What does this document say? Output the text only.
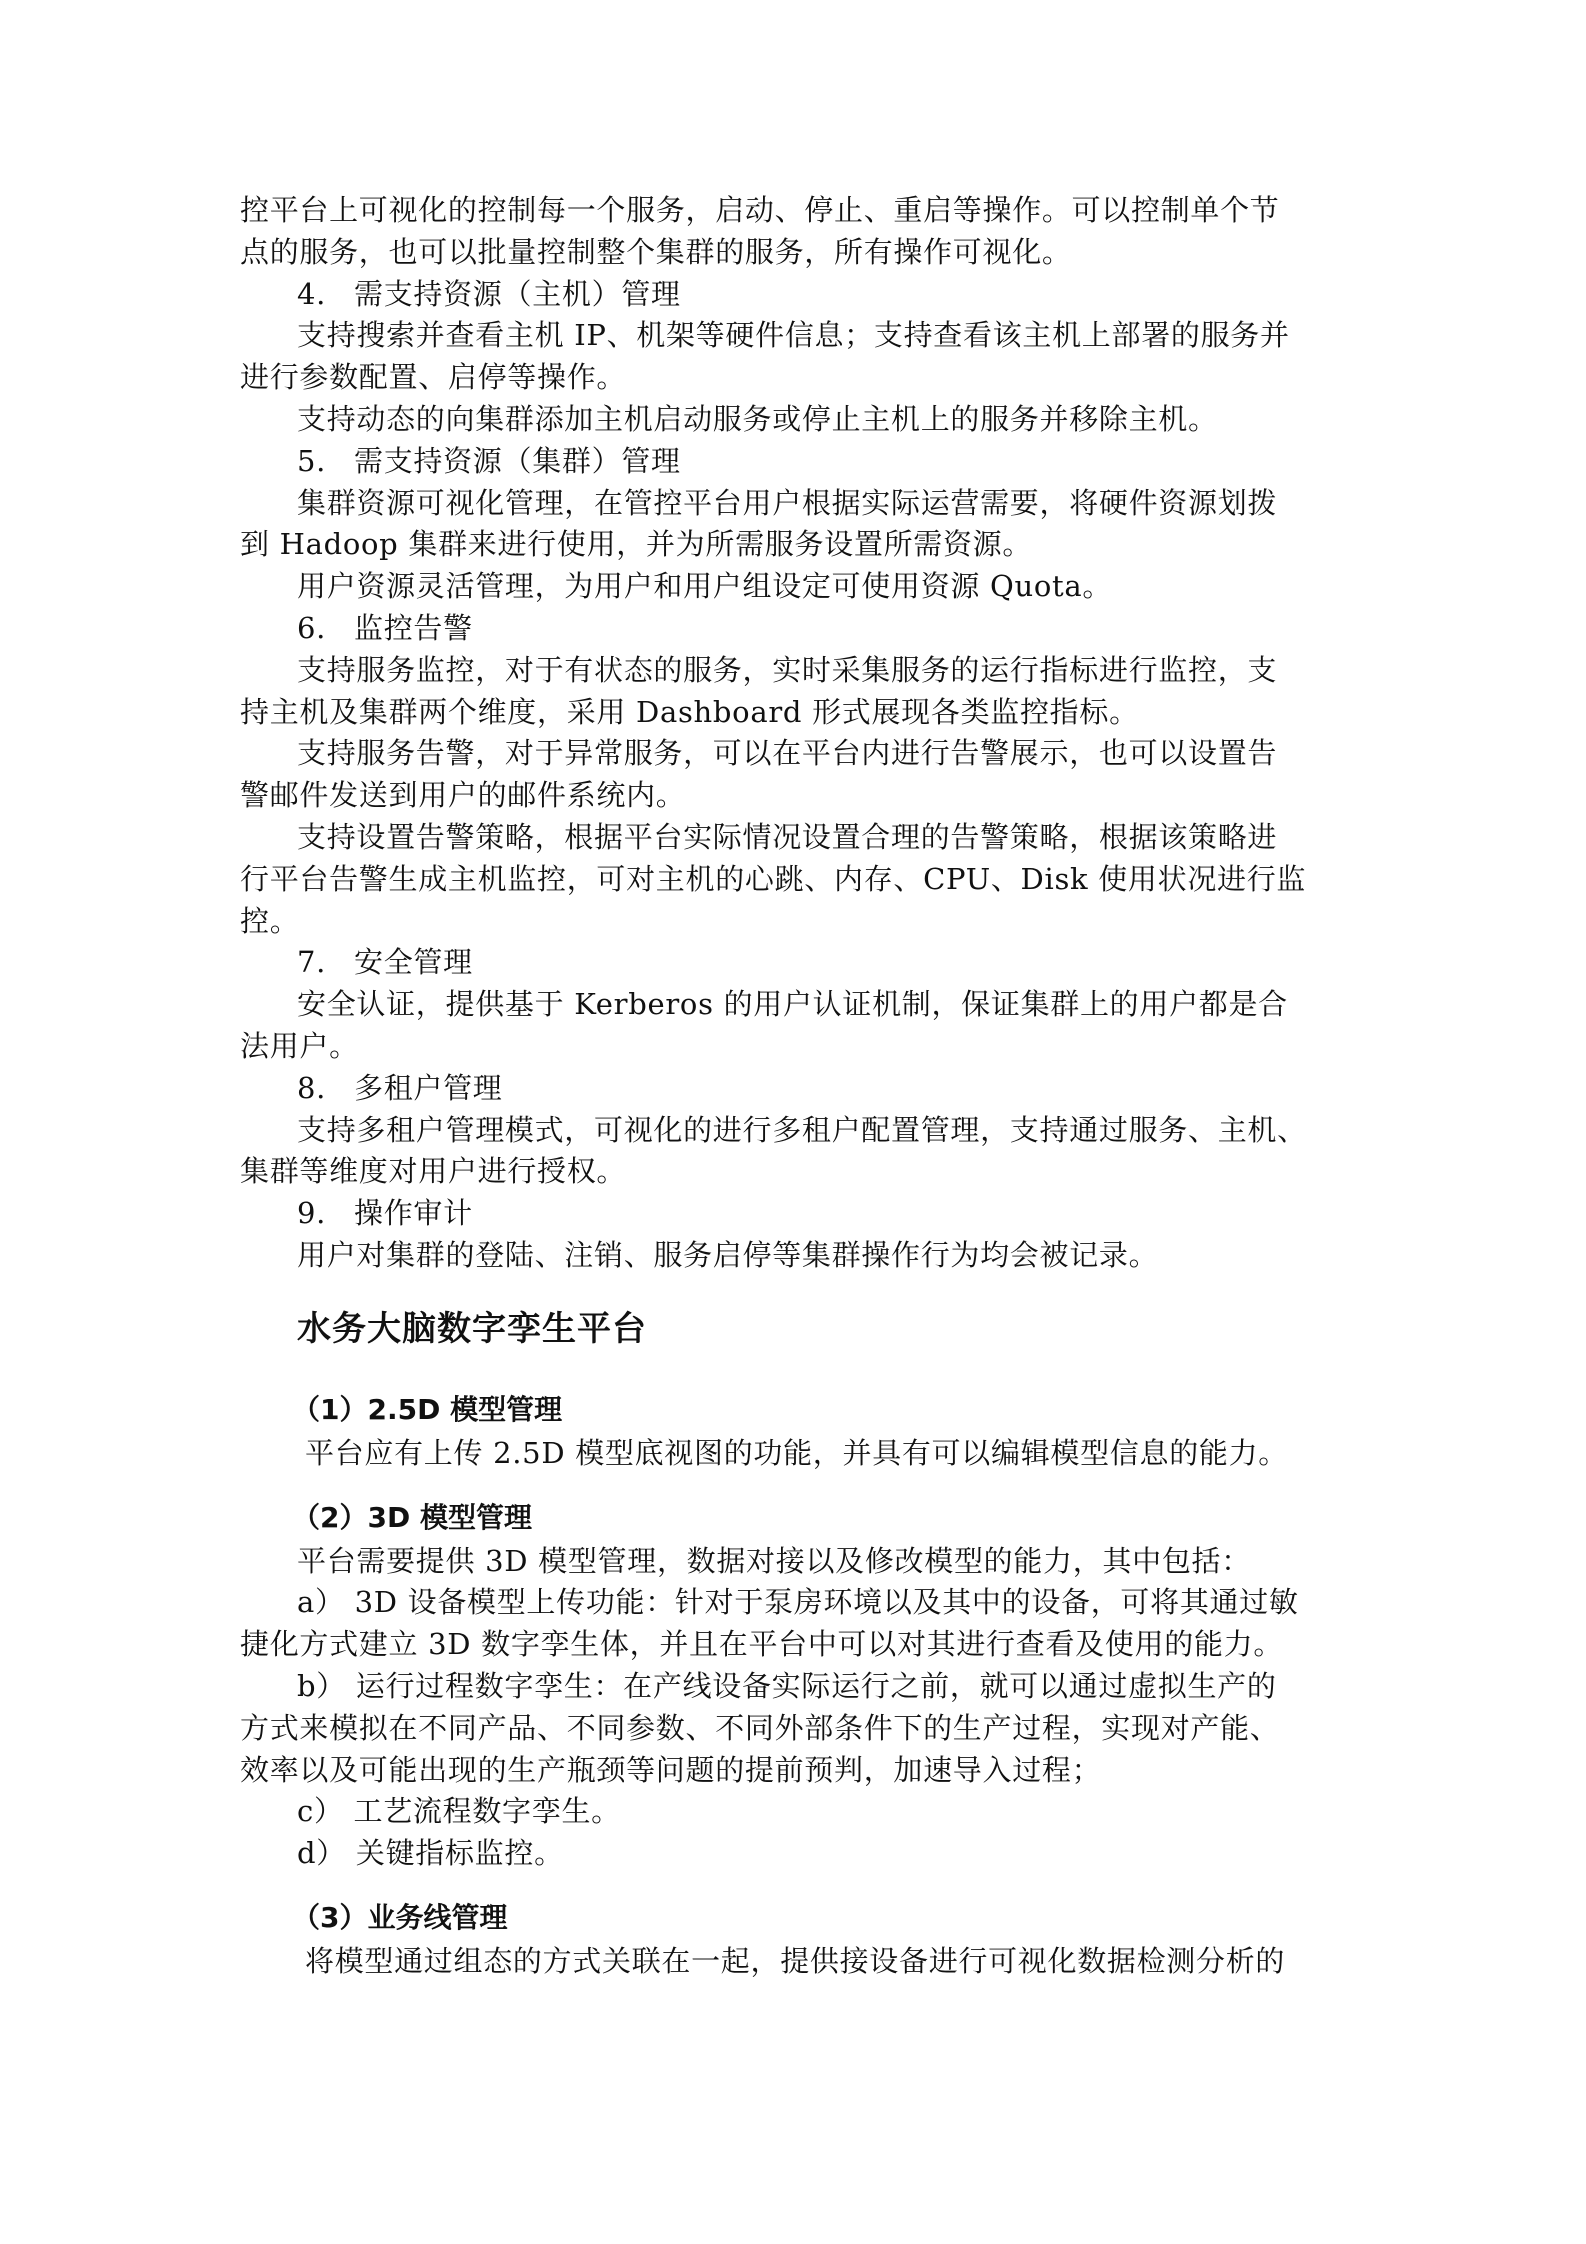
控平台上可视化的控制每一个服务，启动、停止、重启等操作。可以控制单个节

点的服务，也可以批量控制整个集群的服务，所有操作可视化。

4. 需支持资源（主机）管理

支持搜索并查看主机 IP、机架等硬件信息；支持查看该主机上部署的服务并

进行参数配置、启停等操作。

支持动态的向集群添加主机启动服务或停止主机上的服务并移除主机。

5. 需支持资源（集群）管理

集群资源可视化管理，在管控平台用户根据实际运营需要，将硬件资源划拨

到 Hadoop 集群来进行使用，并为所需服务设置所需资源。

用户资源灵活管理，为用户和用户组设定可使用资源 Quota。

6. 监控告警

支持服务监控，对于有状态的服务，实时采集服务的运行指标进行监控，支

持主机及集群两个维度，采用 Dashboard 形式展现各类监控指标。

支持服务告警，对于异常服务，可以在平台内进行告警展示，也可以设置告

警邮件发送到用户的邮件系统内。

支持设置告警策略，根据平台实际情况设置合理的告警策略，根据该策略进

行平台告警生成主机监控，可对主机的心跳、内存、CPU、Disk 使用状况进行监

控。

7. 安全管理

安全认证，提供基于 Kerberos 的用户认证机制，保证集群上的用户都是合

法用户。

8. 多租户管理

支持多租户管理模式，可视化的进行多租户配置管理，支持通过服务、主机、

集群等维度对用户进行授权。

9. 操作审计

用户对集群的登陆、注销、服务启停等集群操作行为均会被记录。

水务大脑数字孪生平台
（1）2.5D 模型管理

平台应有上传 2.5D 模型底视图的功能，并具有可以编辑模型信息的能力。

（2）3D 模型管理

平台需要提供 3D 模型管理，数据对接以及修改模型的能力，其中包括：

a） 3D 设备模型上传功能：针对于泵房环境以及其中的设备，可将其通过敏

捷化方式建立 3D 数字孪生体，并且在平台中可以对其进行查看及使用的能力。

b） 运行过程数字孪生：在产线设备实际运行之前，就可以通过虚拟生产的

方式来模拟在不同产品、不同参数、不同外部条件下的生产过程，实现对产能、

效率以及可能出现的生产瓶颈等问题的提前预判，加速导入过程；

c） 工艺流程数字孪生。

d） 关键指标监控。

（3）业务线管理

将模型通过组态的方式关联在一起，提供接设备进行可视化数据检测分析的
